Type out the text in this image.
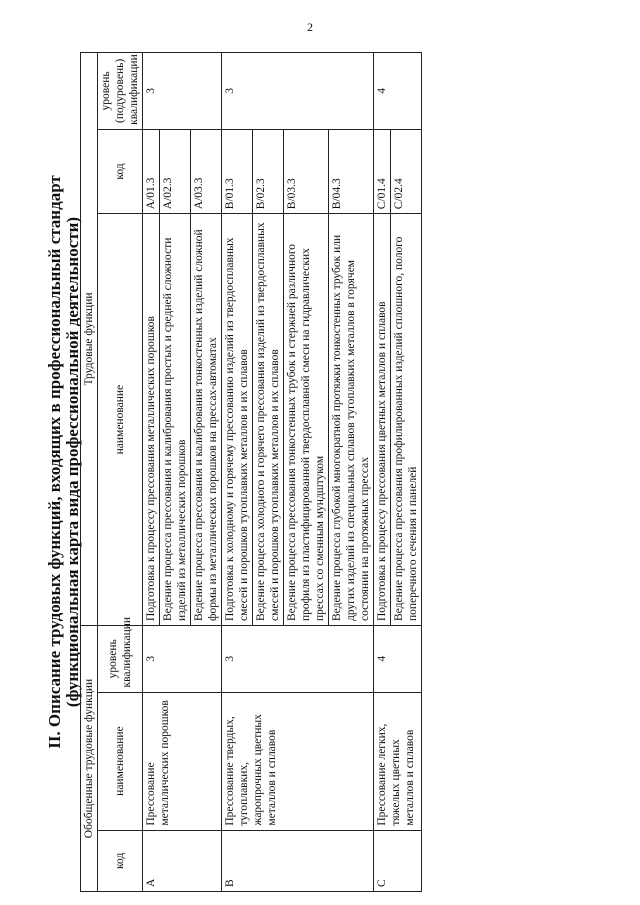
2
II. Описание трудовых функций, входящих в профессиональный стандарт (функциональная карта вида профессиональной деятельности)
Обобщенные трудовые функции			Трудовые функции		
код	наименование	уровень квалификации	наименование	код	уровень (подуровень) квалификации
А	Прессование металлических порошков	3	Подготовка к процессу прессования металлических порошков	A/01.3	3
			Ведение процесса прессования и калибрования простых и средней сложности изделий из металлических порошков	A/02.3	
			Ведение процесса прессования и калибрования тонкостенных изделий сложной формы из металлических порошков на прессах-автоматах	A/03.3	
В	Прессование твердых, тугоплавких, жаропрочных цветных металлов и сплавов	3	Подготовка к холодному и горячему прессованию изделий из твердосплавных смесей и порошков тугоплавких металлов и их сплавов	B/01.3	3
			Ведение процесса холодного и горячего прессования изделий из твердосплавных смесей и порошков тугоплавких металлов и их сплавов	B/02.3	
			Ведение процесса прессования тонкостенных трубок и стержней различного профиля из пластифицированной твердосплавной смеси на гидравлических прессах со сменным мундштуком	B/03.3	
			Ведение процесса глубокой многократной протяжки тонкостенных трубок или других изделий из специальных сплавов тугоплавких металлов в горячем состоянии на протяжных прессах	B/04.3	
С	Прессование легких, тяжелых цветных металлов и сплавов	4	Подготовка к процессу прессования цветных металлов и сплавов	C/01.4	4
			Ведение процесса прессования профилированных изделий сплошного, полого поперечного сечения и панелей	C/02.4	
